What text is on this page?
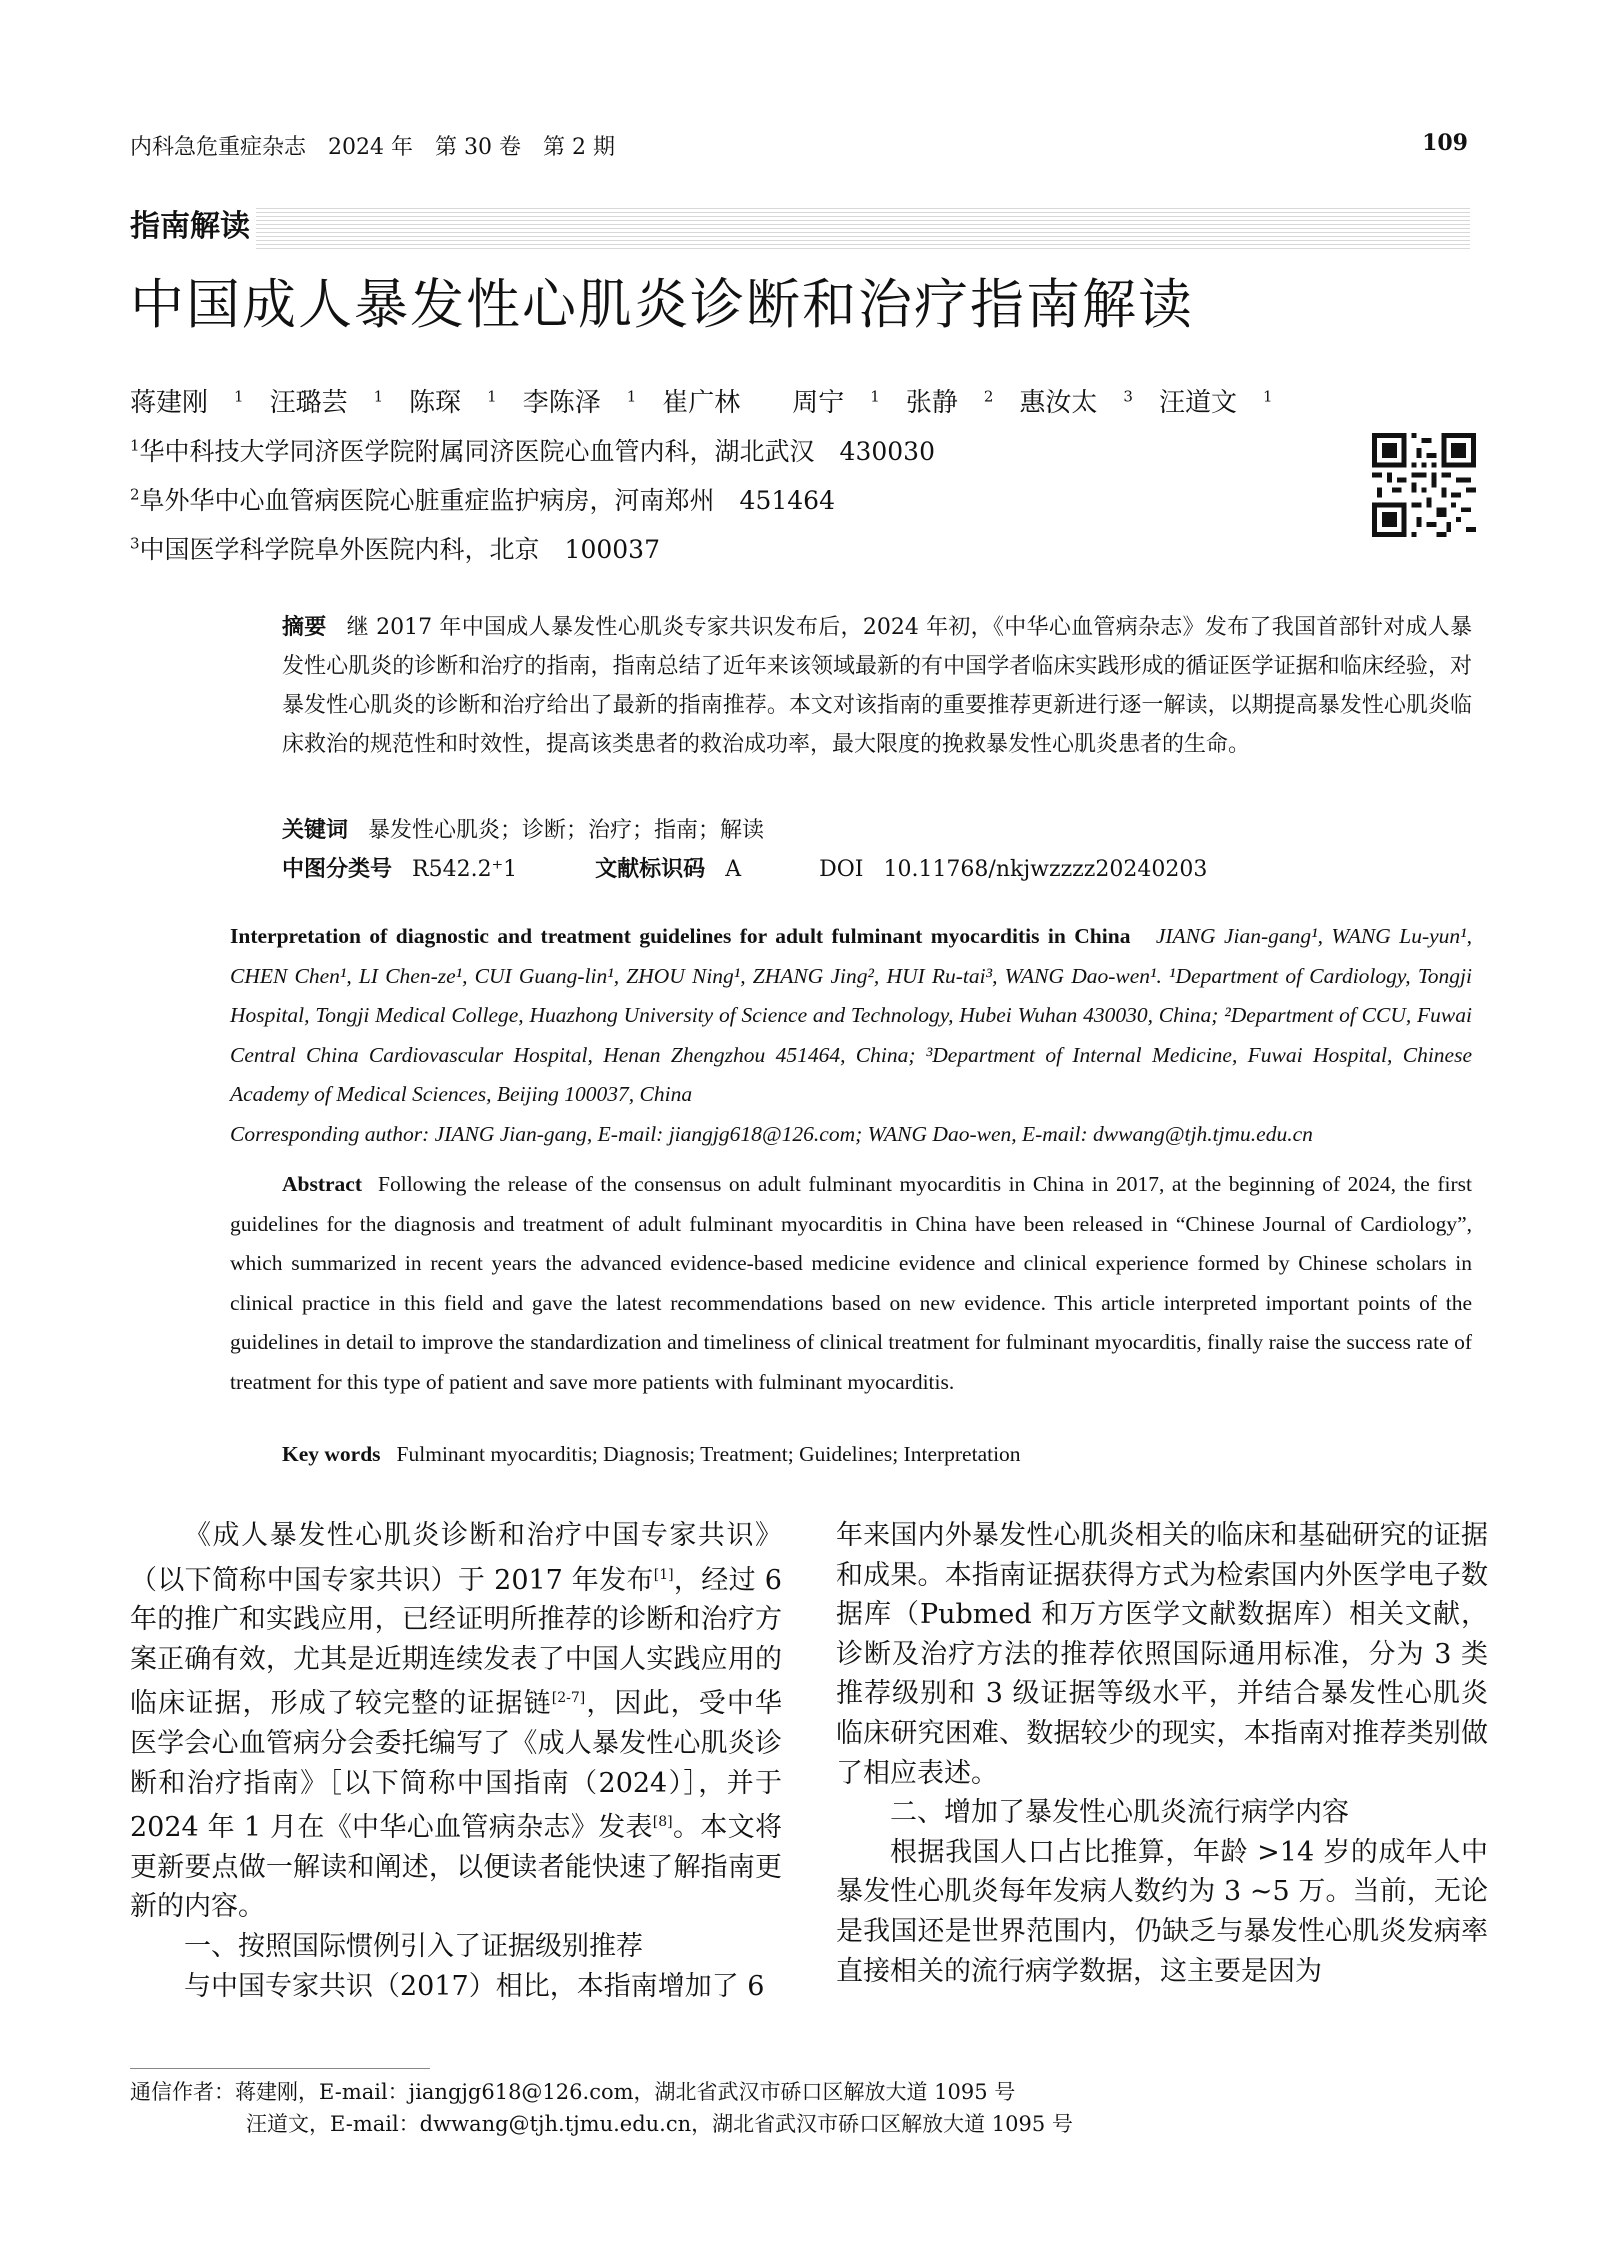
内科急危重症杂志　2024 年　第 30 卷　第 2 期	109
指南解读
中国成人暴发性心肌炎诊断和治疗指南解读
蒋建刚 $^1$ 汪璐芸 $^1$ 陈琛 $^1$ 李陈泽 $^1$ 崔广林 周宁 $^1$ 张静 $^2$ 惠汝太 $^3$ 汪道文 $^1$
$^1$华中科技大学同济医学院附属同济医院心血管内科，湖北武汉　430030
$^2$阜外华中心血管病医院心脏重症监护病房，河南郑州　451464
$^3$中国医学科学院阜外医院内科，北京　100037
摘要 继 2017 年中国成人暴发性心肌炎专家共识发布后，2024 年初，《中华心血管病杂志》发布了我国首部针对成人暴发性心肌炎的诊断和治疗的指南，指南总结了近年来该领域最新的有中国学者临床实践形成的循证医学证据和临床经验，对暴发性心肌炎的诊断和治疗给出了最新的指南推荐。本文对该指南的重要推荐更新进行逐一解读，以期提高暴发性心肌炎临床救治的规范性和时效性，提高该类患者的救治成功率，最大限度的挽救暴发性心肌炎患者的生命。
关键词 暴发性心肌炎；诊断；治疗；指南；解读
中图分类号 R542.2⁺1	文献标识码 A	DOI 10.11768/nkjwzzzz20240203
Interpretation of diagnostic and treatment guidelines for adult fulminant myocarditis in China JIANG Jian-gang¹, WANG Lu-yun¹, CHEN Chen¹, LI Chen-ze¹, CUI Guang-lin¹, ZHOU Ning¹, ZHANG Jing², HUI Ru-tai³, WANG Dao-wen¹. ¹Department of Cardiology, Tongji Hospital, Tongji Medical College, Huazhong University of Science and Technology, Hubei Wuhan 430030, China; ²Department of CCU, Fuwai Central China Cardiovascular Hospital, Henan Zhengzhou 451464, China; ³Department of Internal Medicine, Fuwai Hospital, Chinese Academy of Medical Sciences, Beijing 100037, China
Corresponding author: JIANG Jian-gang, E-mail: jiangjg618@126.com; WANG Dao-wen, E-mail: dwwang@tjh.tjmu.edu.cn
Abstract Following the release of the consensus on adult fulminant myocarditis in China in 2017, at the beginning of 2024, the first guidelines for the diagnosis and treatment of adult fulminant myocarditis in China have been released in “Chinese Journal of Cardiology”, which summarized in recent years the advanced evidence-based medicine evidence and clinical experience formed by Chinese scholars in clinical practice in this field and gave the latest recommendations based on new evidence. This article interpreted important points of the guidelines in detail to improve the standardization and timeliness of clinical treatment for fulminant myocarditis, finally raise the success rate of treatment for this type of patient and save more patients with fulminant myocarditis.
Key words Fulminant myocarditis; Diagnosis; Treatment; Guidelines; Interpretation

《成人暴发性心肌炎诊断和治疗中国专家共识》（以下简称中国专家共识）于 2017 年发布[1]，经过 6 年的推广和实践应用，已经证明所推荐的诊断和治疗方案正确有效，尤其是近期连续发表了中国人实践应用的临床证据，形成了较完整的证据链[2-7]，因此，受中华医学会心血管病分会委托编写了《成人暴发性心肌炎诊断和治疗指南》［以下简称中国指南（2024）］，并于 2024 年 1 月在《中华心血管病杂志》发表[8]。本文将更新要点做一解读和阐述，以便读者能快速了解指南更新的内容。

一、按照国际惯例引入了证据级别推荐

与中国专家共识（2017）相比，本指南增加了 6

年来国内外暴发性心肌炎相关的临床和基础研究的证据和成果。本指南证据获得方式为检索国内外医学电子数据库（Pubmed 和万方医学文献数据库）相关文献，诊断及治疗方法的推荐依照国际通用标准，分为 3 类推荐级别和 3 级证据等级水平，并结合暴发性心肌炎临床研究困难、数据较少的现实，本指南对推荐类别做了相应表述。

二、增加了暴发性心肌炎流行病学内容

根据我国人口占比推算，年龄 >14 岁的成年人中暴发性心肌炎每年发病人数约为 3 ~5 万。当前，无论是我国还是世界范围内，仍缺乏与暴发性心肌炎发病率直接相关的流行病学数据，这主要是因为

通信作者：蒋建刚，E-mail：jiangjg618@126.com，湖北省武汉市硚口区解放大道 1095 号
汪道文，E-mail：dwwang@tjh.tjmu.edu.cn，湖北省武汉市硚口区解放大道 1095 号
